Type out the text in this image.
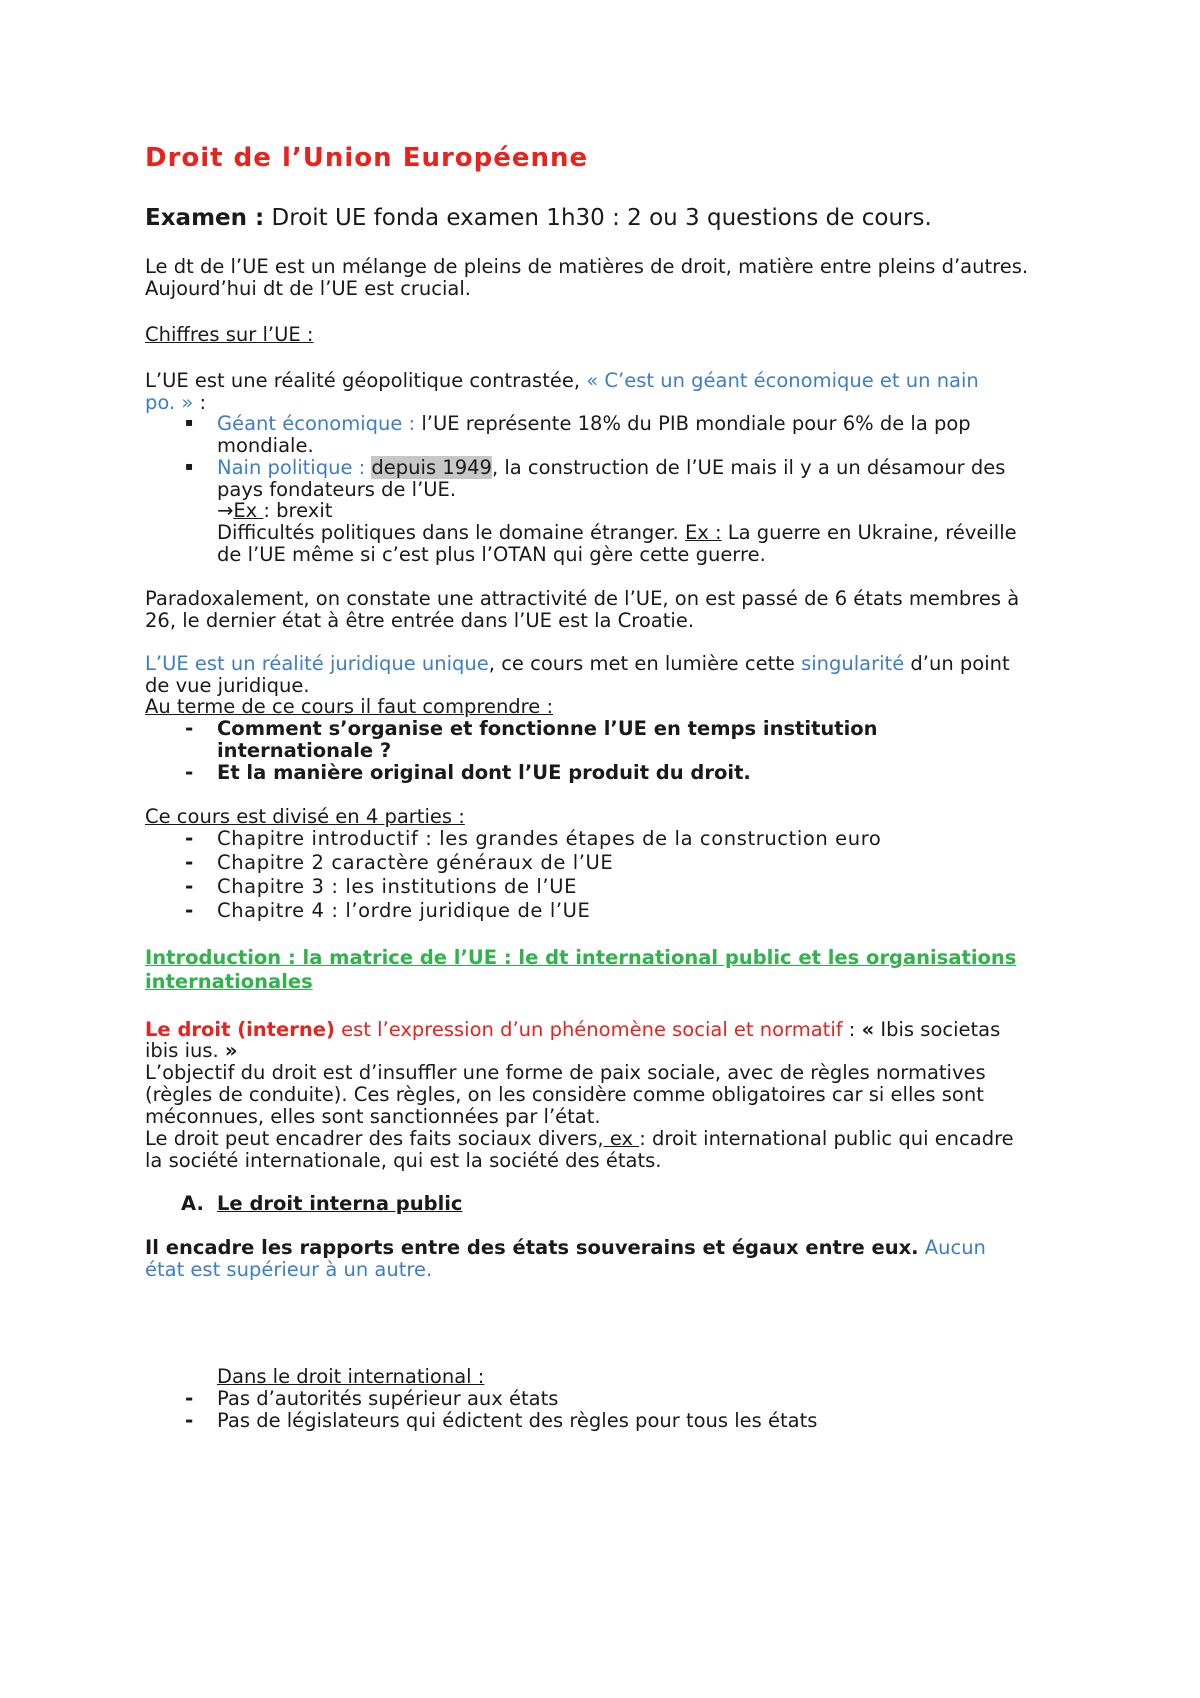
Droit de l’Union Européenne
Examen : Droit UE fonda examen 1h30 : 2 ou 3 questions de cours.
Le dt de l’UE est un mélange de pleins de matières de droit, matière entre pleins d’autres.
Aujourd’hui dt de l’UE est crucial.
Chiffres sur l’UE :
L’UE est une réalité géopolitique contrastée, « C’est un géant économique et un nain
po. » :
▪ Géant économique : l’UE représente 18% du PIB mondiale pour 6% de la pop
mondiale.
▪ Nain politique : depuis 1949, la construction de l’UE mais il y a un désamour des
pays fondateurs de l’UE.
→Ex : brexit
Difficultés politiques dans le domaine étranger. Ex : La guerre en Ukraine, réveille
de l’UE même si c’est plus l’OTAN qui gère cette guerre.
Paradoxalement, on constate une attractivité de l’UE, on est passé de 6 états membres à
26, le dernier état à être entrée dans l’UE est la Croatie.
L’UE est un réalité juridique unique, ce cours met en lumière cette singularité d’un point
de vue juridique.
Au terme de ce cours il faut comprendre :
- Comment s’organise et fonctionne l’UE en temps institution
internationale ?
- Et la manière original dont l’UE produit du droit.
Ce cours est divisé en 4 parties :
- Chapitre introductif : les grandes étapes de la construction euro
- Chapitre 2 caractère généraux de l’UE
- Chapitre 3 : les institutions de l’UE
- Chapitre 4 : l’ordre juridique de l’UE
Introduction : la matrice de l’UE : le dt international public et les organisations
internationales
Le droit (interne) est l’expression d’un phénomène social et normatif : « Ibis societas
ibis ius. »
L’objectif du droit est d’insuffler une forme de paix sociale, avec de règles normatives
(règles de conduite). Ces règles, on les considère comme obligatoires car si elles sont
méconnues, elles sont sanctionnées par l’état.
Le droit peut encadrer des faits sociaux divers, ex : droit international public qui encadre
la société internationale, qui est la société des états.
A. Le droit interna public
Il encadre les rapports entre des états souverains et égaux entre eux. Aucun
état est supérieur à un autre.
Dans le droit international :
- Pas d’autorités supérieur aux états
- Pas de législateurs qui édictent des règles pour tous les états
